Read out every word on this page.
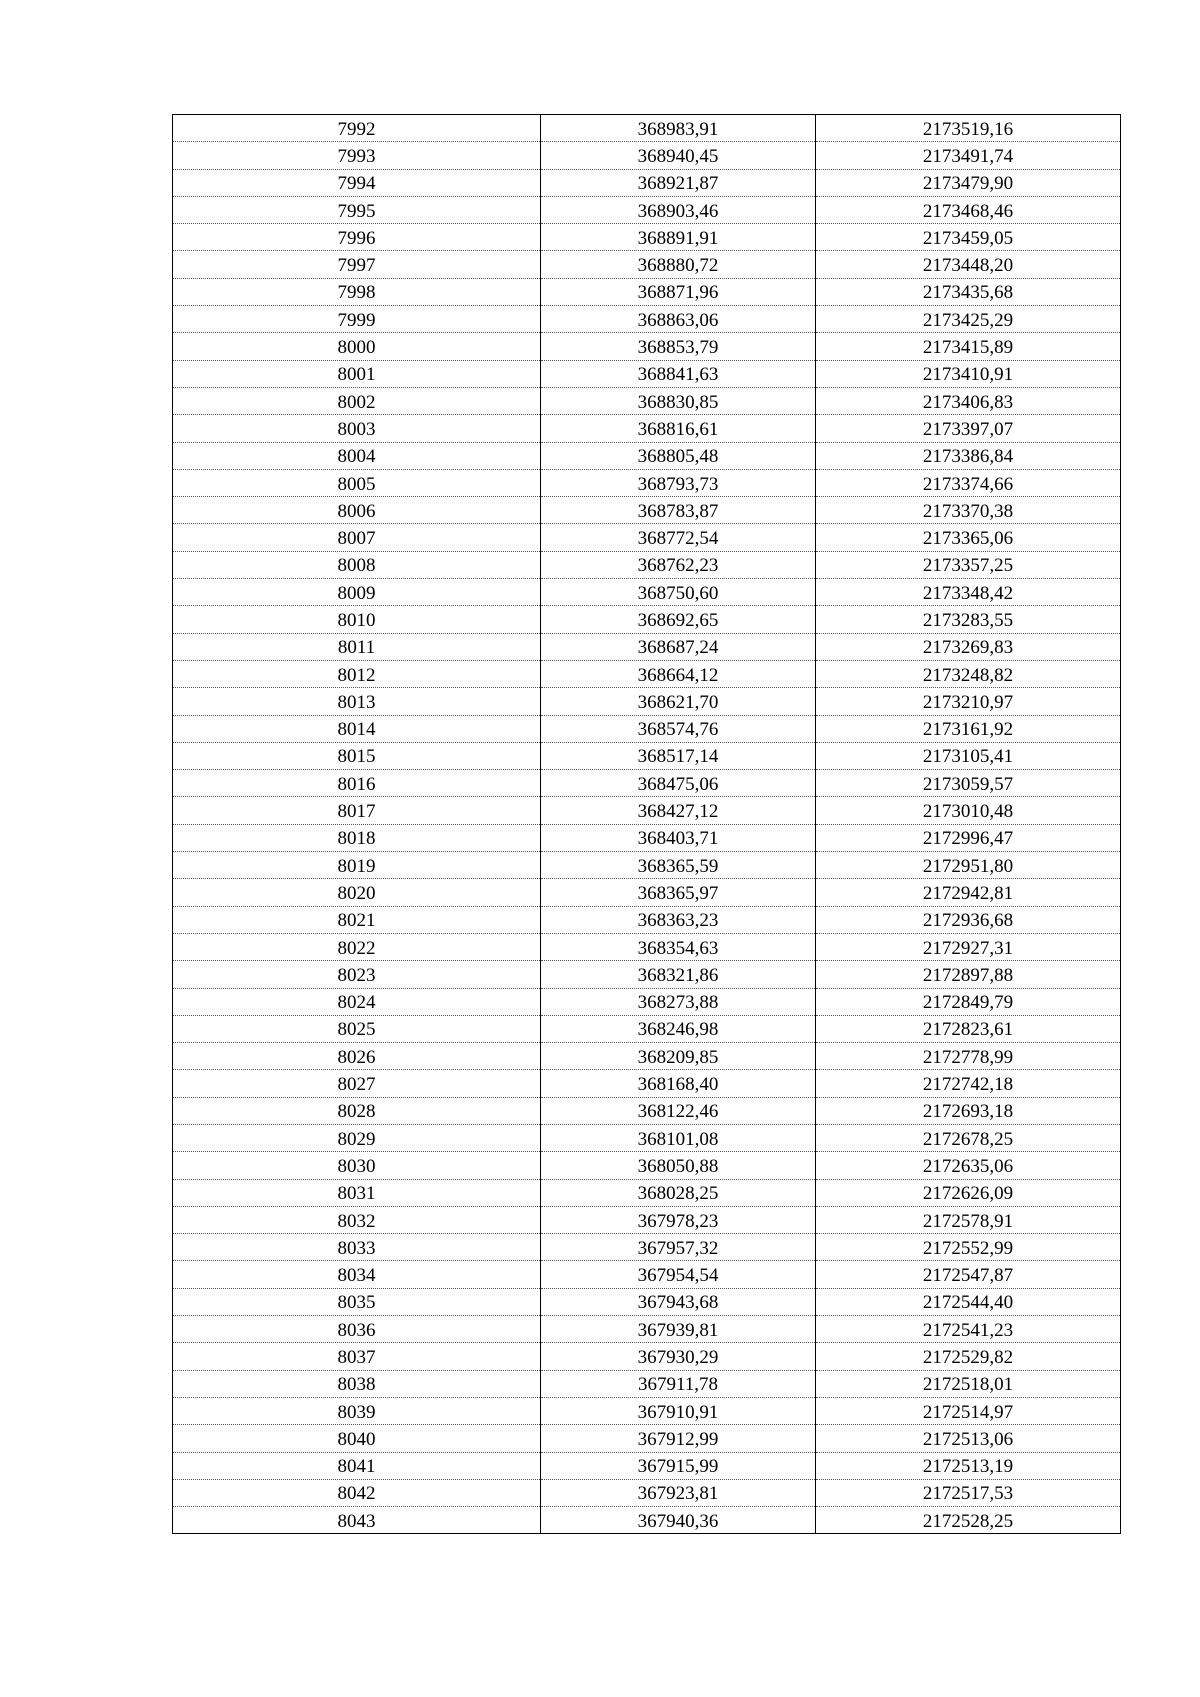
7992	368983,91	2173519,16
7993	368940,45	2173491,74
7994	368921,87	2173479,90
7995	368903,46	2173468,46
7996	368891,91	2173459,05
7997	368880,72	2173448,20
7998	368871,96	2173435,68
7999	368863,06	2173425,29
8000	368853,79	2173415,89
8001	368841,63	2173410,91
8002	368830,85	2173406,83
8003	368816,61	2173397,07
8004	368805,48	2173386,84
8005	368793,73	2173374,66
8006	368783,87	2173370,38
8007	368772,54	2173365,06
8008	368762,23	2173357,25
8009	368750,60	2173348,42
8010	368692,65	2173283,55
8011	368687,24	2173269,83
8012	368664,12	2173248,82
8013	368621,70	2173210,97
8014	368574,76	2173161,92
8015	368517,14	2173105,41
8016	368475,06	2173059,57
8017	368427,12	2173010,48
8018	368403,71	2172996,47
8019	368365,59	2172951,80
8020	368365,97	2172942,81
8021	368363,23	2172936,68
8022	368354,63	2172927,31
8023	368321,86	2172897,88
8024	368273,88	2172849,79
8025	368246,98	2172823,61
8026	368209,85	2172778,99
8027	368168,40	2172742,18
8028	368122,46	2172693,18
8029	368101,08	2172678,25
8030	368050,88	2172635,06
8031	368028,25	2172626,09
8032	367978,23	2172578,91
8033	367957,32	2172552,99
8034	367954,54	2172547,87
8035	367943,68	2172544,40
8036	367939,81	2172541,23
8037	367930,29	2172529,82
8038	367911,78	2172518,01
8039	367910,91	2172514,97
8040	367912,99	2172513,06
8041	367915,99	2172513,19
8042	367923,81	2172517,53
8043	367940,36	2172528,25
